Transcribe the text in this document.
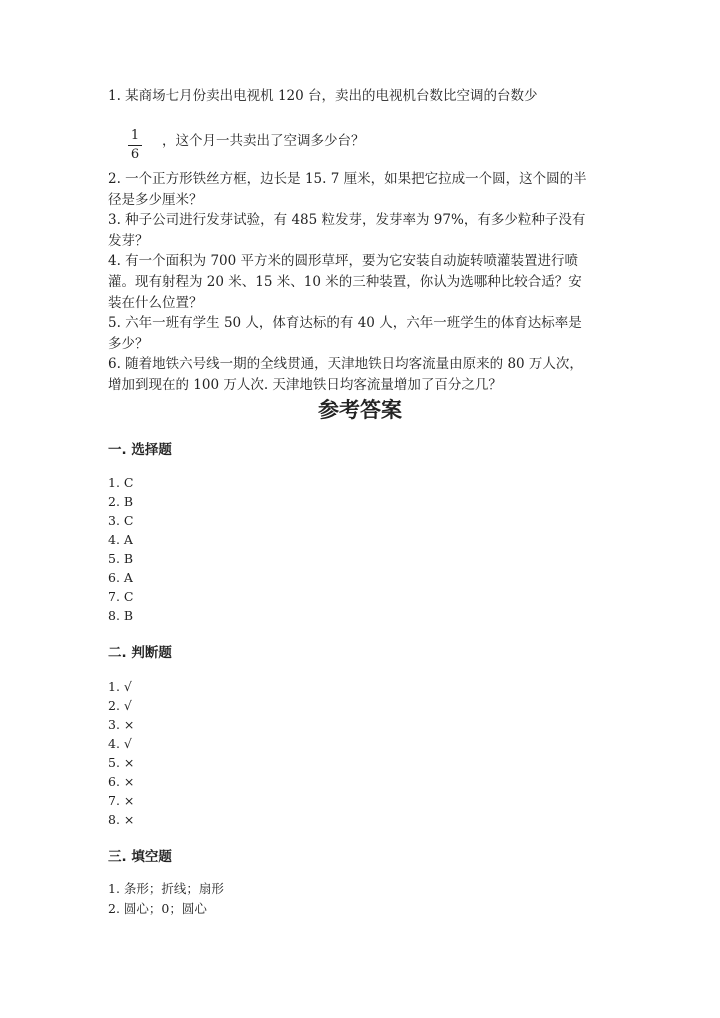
1. 某商场七月份卖出电视机 120 台，卖出的电视机台数比空调的台数少
1
6
，这个月一共卖出了空调多少台？
2. 一个正方形铁丝方框，边长是 15. 7 厘米，如果把它拉成一个圆，这个圆的半
径是多少厘米？
3. 种子公司进行发芽试验，有 485 粒发芽，发芽率为 97%，有多少粒种子没有
发芽？
4. 有一个面积为 700 平方米的圆形草坪，要为它安装自动旋转喷灌装置进行喷
灌。现有射程为 20 米、15 米、10 米的三种装置，你认为选哪种比较合适？安
装在什么位置？
5. 六年一班有学生 50 人，体育达标的有 40 人，六年一班学生的体育达标率是
多少？
6. 随着地铁六号线一期的全线贯通，天津地铁日均客流量由原来的 80 万人次，
参考答案
一. 选择题
1. C
2. B
3. C
4. A
5. B
6. A
7. C
8. B
二. 判断题
1. √
2. √
3. ×
4. √
5. ×
6. ×
7. ×
8. ×
三. 填空题
1. 条形；折线；扇形
2. 圆心；0；圆心
增加到现在的 100 万人次. 天津地铁日均客流量增加了百分之几？
